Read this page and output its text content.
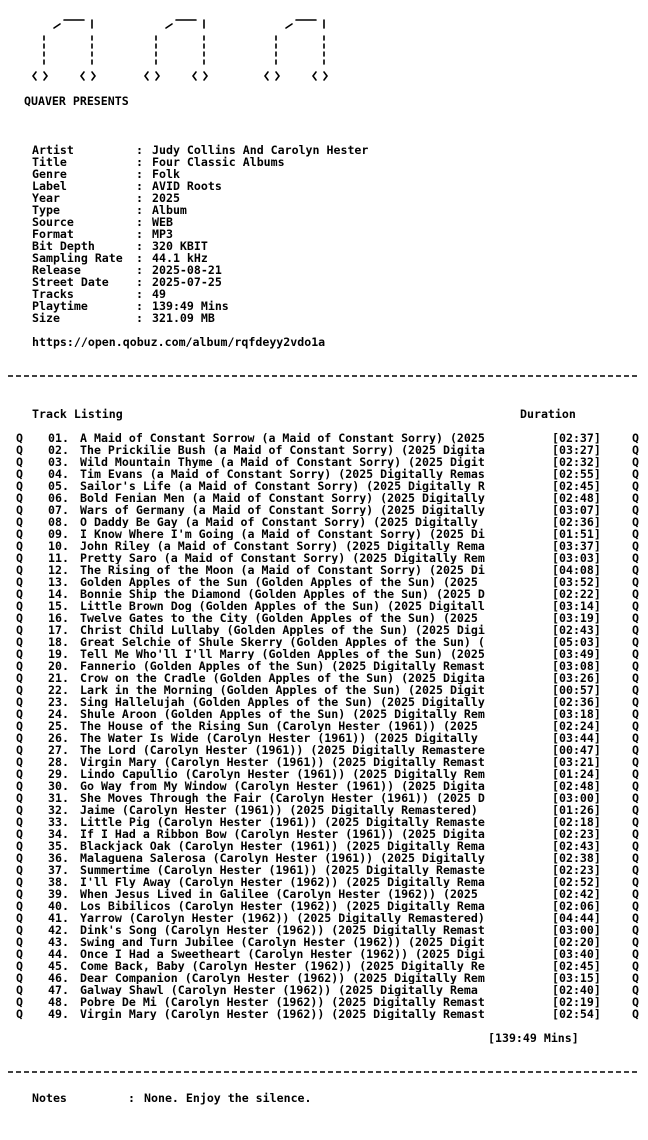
QUAVER PRESENTS
Artist	: Judy Collins And Carolyn Hester
Title	: Four Classic Albums
Genre	: Folk
Label	: AVID Roots
Year	: 2025
Type	: Album
Source	: WEB
Format	: MP3
Bit Depth	: 320 KBIT
Sampling Rate : 44.1 kHz
Release	: 2025-08-21
Street Date : 2025-07-25
Tracks	: 49
Playtime	: 139:49 Mins
Size	: 321.09 MB
https://open.qobuz.com/album/rqfdeyy2vdo1a
Track Listing	Duration
Q 01. A Maid of Constant Sorrow (a Maid of Constant Sorry) (2025	[02:37]	Q
Q 02. The Prickilie Bush (a Maid of Constant Sorry) (2025 Digita	[03:27]	Q
Q 03. Wild Mountain Thyme (a Maid of Constant Sorry) (2025 Digit	[02:32]	Q
Q 04. Tim Evans (a Maid of Constant Sorry) (2025 Digitally Remas	[02:55]	Q
Q 05. Sailor's Life (a Maid of Constant Sorry) (2025 Digitally R	[02:45]	Q
Q 06. Bold Fenian Men (a Maid of Constant Sorry) (2025 Digitally	[02:48]	Q
Q 07. Wars of Germany (a Maid of Constant Sorry) (2025 Digitally	[03:07]	Q
Q 08. O Daddy Be Gay (a Maid of Constant Sorry) (2025 Digitally	[02:36]	Q
Q 09. I Know Where I'm Going (a Maid of Constant Sorry) (2025 Di	[01:51]	Q
Q 10. John Riley (a Maid of Constant Sorry) (2025 Digitally Rema	[03:37]	Q
Q 11. Pretty Saro (a Maid of Constant Sorry) (2025 Digitally Rem	[03:03]	Q
Q 12. The Rising of the Moon (a Maid of Constant Sorry) (2025 Di	[04:08]	Q
Q 13. Golden Apples of the Sun (Golden Apples of the Sun) (2025	[03:52]	Q
Q 14. Bonnie Ship the Diamond (Golden Apples of the Sun) (2025 D	[02:22]	Q
Q 15. Little Brown Dog (Golden Apples of the Sun) (2025 Digitall	[03:14]	Q
Q 16. Twelve Gates to the City (Golden Apples of the Sun) (2025	[03:19]	Q
Q 17. Christ Child Lullaby (Golden Apples of the Sun) (2025 Digi	[02:43]	Q
Q 18. Great Selchie of Shule Skerry (Golden Apples of the Sun) (	[05:03]	Q
Q 19. Tell Me Who'll I'll Marry (Golden Apples of the Sun) (2025	[03:49]	Q
Q 20. Fannerio (Golden Apples of the Sun) (2025 Digitally Remast	[03:08]	Q
Q 21. Crow on the Cradle (Golden Apples of the Sun) (2025 Digita	[03:26]	Q
Q 22. Lark in the Morning (Golden Apples of the Sun) (2025 Digit	[00:57]	Q
Q 23. Sing Hallelujah (Golden Apples of the Sun) (2025 Digitally	[02:36]	Q
Q 24. Shule Aroon (Golden Apples of the Sun) (2025 Digitally Rem	[03:18]	Q
Q 25. The House of the Rising Sun (Carolyn Hester (1961)) (2025	[02:24]	Q
Q 26. The Water Is Wide (Carolyn Hester (1961)) (2025 Digitally	[03:44]	Q
Q 27. The Lord (Carolyn Hester (1961)) (2025 Digitally Remastere	[00:47]	Q
Q 28. Virgin Mary (Carolyn Hester (1961)) (2025 Digitally Remast	[03:21]	Q
Q 29. Lindo Capullio (Carolyn Hester (1961)) (2025 Digitally Rem	[01:24]	Q
Q 30. Go Way from My Window (Carolyn Hester (1961)) (2025 Digita	[02:48]	Q
Q 31. She Moves Through the Fair (Carolyn Hester (1961)) (2025 D	[03:00]	Q
Q 32. Jaime (Carolyn Hester (1961)) (2025 Digitally Remastered)	[01:26]	Q
Q 33. Little Pig (Carolyn Hester (1961)) (2025 Digitally Remaste	[02:18]	Q
Q 34. If I Had a Ribbon Bow (Carolyn Hester (1961)) (2025 Digita	[02:23]	Q
Q 35. Blackjack Oak (Carolyn Hester (1961)) (2025 Digitally Rema	[02:43]	Q
Q 36. Malaguena Salerosa (Carolyn Hester (1961)) (2025 Digitally	[02:38]	Q
Q 37. Summertime (Carolyn Hester (1961)) (2025 Digitally Remaste	[02:23]	Q
Q 38. I'll Fly Away (Carolyn Hester (1962)) (2025 Digitally Rema	[02:52]	Q
Q 39. When Jesus Lived in Galilee (Carolyn Hester (1962)) (2025	[02:42]	Q
Q 40. Los Bibilicos (Carolyn Hester (1962)) (2025 Digitally Rema	[02:06]	Q
Q 41. Yarrow (Carolyn Hester (1962)) (2025 Digitally Remastered)	[04:44]	Q
Q 42. Dink's Song (Carolyn Hester (1962)) (2025 Digitally Remast	[03:00]	Q
Q 43. Swing and Turn Jubilee (Carolyn Hester (1962)) (2025 Digit	[02:20]	Q
Q 44. Once I Had a Sweetheart (Carolyn Hester (1962)) (2025 Digi	[03:40]	Q
Q 45. Come Back, Baby (Carolyn Hester (1962)) (2025 Digitally Re	[02:45]	Q
Q 46. Dear Companion (Carolyn Hester (1962)) (2025 Digitally Rem	[03:15]	Q
Q 47. Galway Shawl (Carolyn Hester (1962)) (2025 Digitally Rema	[02:40]	Q
Q 48. Pobre De Mi (Carolyn Hester (1962)) (2025 Digitally Remast	[02:19]	Q
Q 49. Virgin Mary (Carolyn Hester (1962)) (2025 Digitally Remast	[02:54]	Q
[139:49 Mins]
Notes	: None. Enjoy the silence.
